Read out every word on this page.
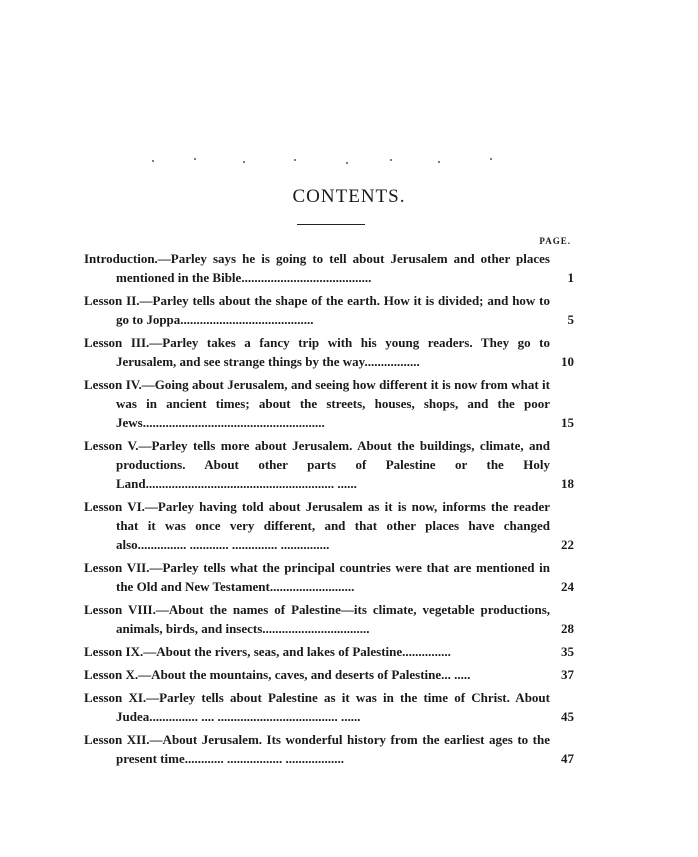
CONTENTS.
PAGE.
Introduction.—Parley says he is going to tell about Jerusalem and other places mentioned in the Bible........................................	1
Lesson II.—Parley tells about the shape of the earth. How it is divided; and how to go to Joppa.........................................	5
Lesson III.—Parley takes a fancy trip with his young readers. They go to Jerusalem, and see strange things by the way.................	10
Lesson IV.—Going about Jerusalem, and seeing how different it is now from what it was in ancient times; about the streets, houses, shops, and the poor Jews........................................................	15
Lesson V.—Parley tells more about Jerusalem. About the buildings, climate, and productions. About other parts of Palestine or the Holy Land.......................................................... ......	18
Lesson VI.—Parley having told about Jerusalem as it is now, informs the reader that it was once very different, and that other places have changed also............... ............ .............. ...............	22
Lesson VII.—Parley tells what the principal countries were that are mentioned in the Old and New Testament..........................	24
Lesson VIII.—About the names of Palestine—its climate, vegetable productions, animals, birds, and insects.................................	28
Lesson IX.—About the rivers, seas, and lakes of Palestine...............	35
Lesson X.—About the mountains, caves, and deserts of Palestine... .....	37
Lesson XI.—Parley tells about Palestine as it was in the time of Christ. About Judea............... .... ..................................... ......	45
Lesson XII.—About Jerusalem. Its wonderful history from the earliest ages to the present time............ ................. ..................	47
